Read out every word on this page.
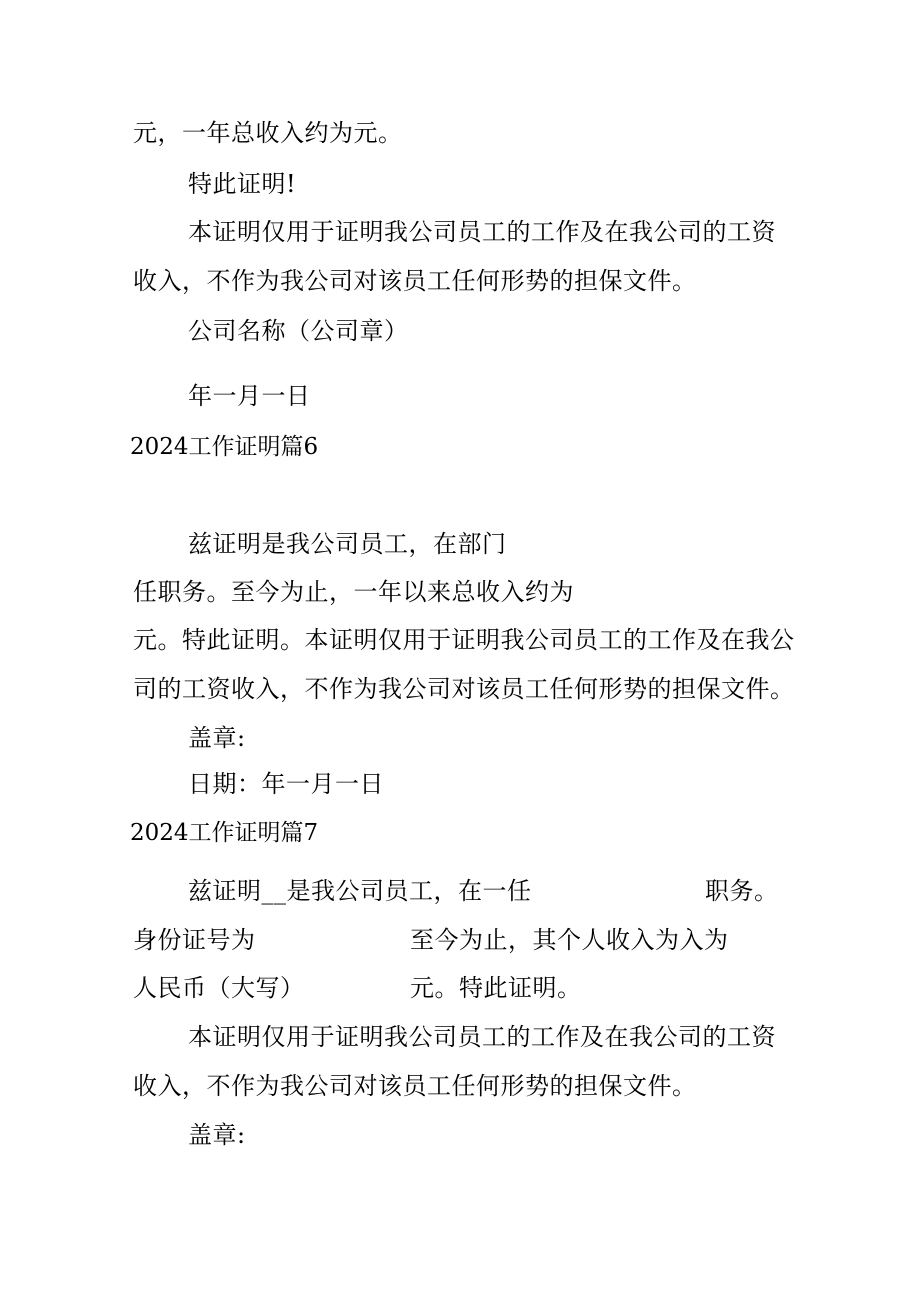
元，一年总收入约为元。
特此证明!
本证明仅用于证明我公司员工的工作及在我公司的工资
收入，不作为我公司对该员工任何形势的担保文件。
公司名称（公司章）
年一月一日
2024工作证明篇6
兹证明是我公司员工，在部门
任职务。至今为止，一年以来总收入约为
元。特此证明。本证明仅用于证明我公司员工的工作及在我公
司的工资收入，不作为我公司对该员工任何形势的担保文件。
盖章:
日期：年一月一日
2024工作证明篇7
兹证明__是我公司员工，在一任	职务。
身份证号为	至今为止，其个人收入为入为
人民币（大写）	元。特此证明。
本证明仅用于证明我公司员工的工作及在我公司的工资
收入，不作为我公司对该员工任何形势的担保文件。
盖章:
